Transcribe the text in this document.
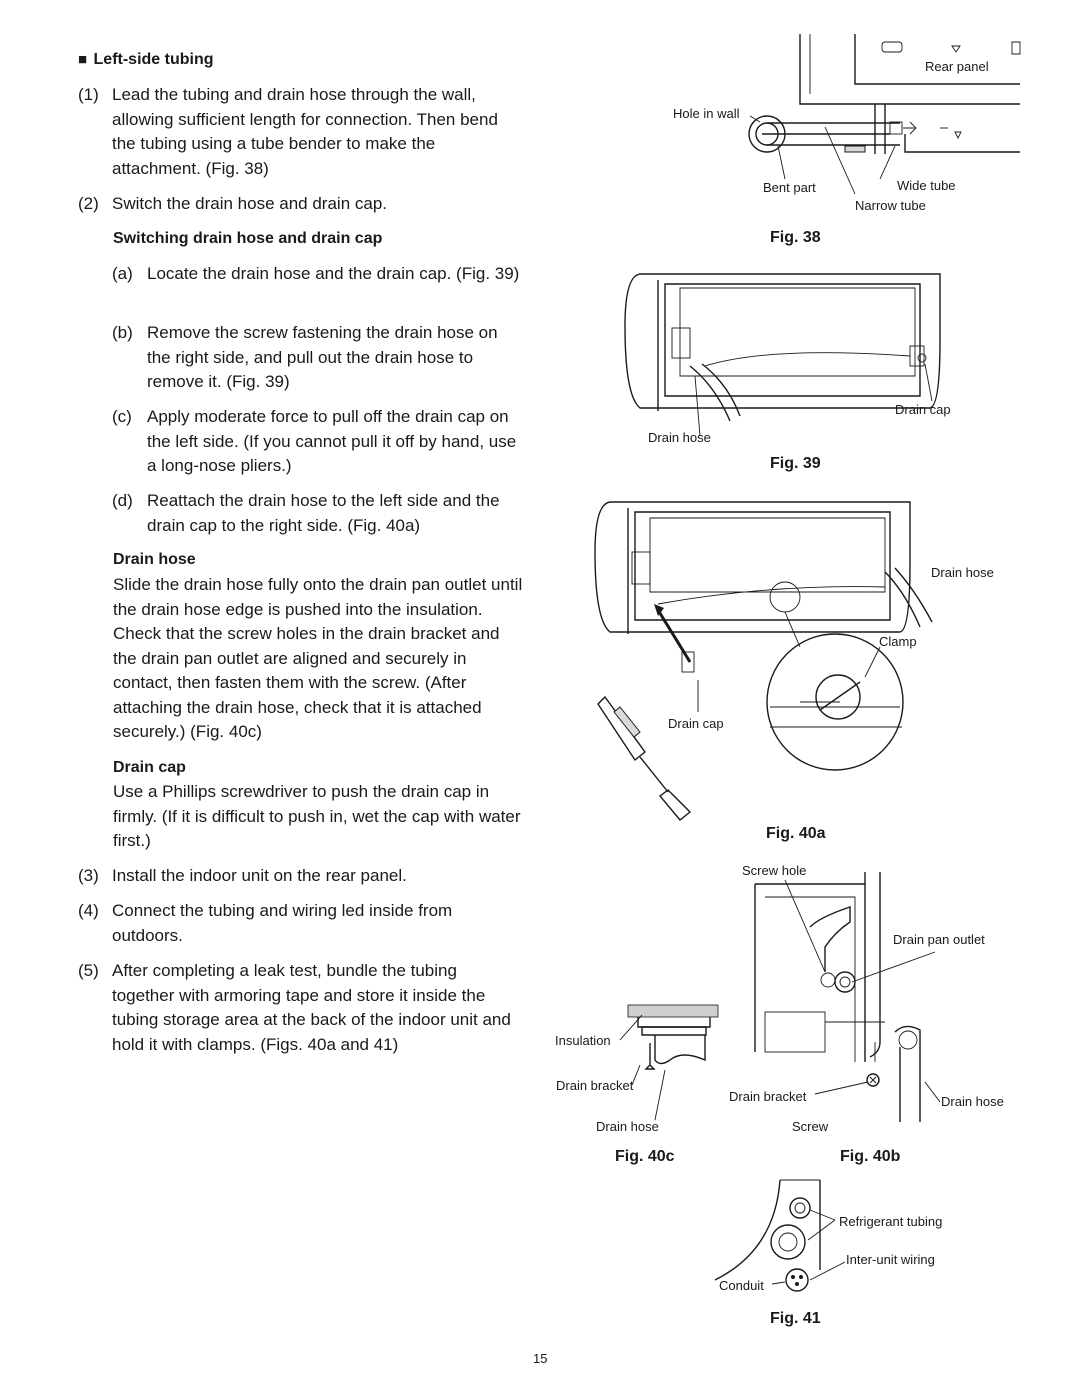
■ Left-side tubing
(1) Lead the tubing and drain hose through the wall, allowing sufficient length for connection. Then bend the tubing using a tube bender to make the attachment. (Fig. 38)
(2) Switch the drain hose and drain cap.
Switching drain hose and drain cap
(a) Locate the drain hose and the drain cap. (Fig. 39)
(b) Remove the screw fastening the drain hose on the right side, and pull out the drain hose to remove it. (Fig. 39)
(c) Apply moderate force to pull off the drain cap on the left side. (If you cannot pull it off by hand, use a long-nose pliers.)
(d) Reattach the drain hose to the left side and the drain cap to the right side. (Fig. 40a)
Drain hose
Slide the drain hose fully onto the drain pan outlet until the drain hose edge is pushed into the insulation. Check that the screw holes in the drain bracket and the drain pan outlet are aligned and securely in contact, then fasten them with the screw. (After attaching the drain hose, check that it is attached securely.) (Fig. 40c)
Drain cap
Use a Phillips screwdriver to push the drain cap in firmly. (If it is difficult to push in, wet the cap with water first.)
(3) Install the indoor unit on the rear panel.
(4) Connect the tubing and wiring led inside from outdoors.
(5) After completing a leak test, bundle the tubing together with armoring tape and store it inside the tubing storage area at the back of the indoor unit and hold it with clamps. (Figs. 40a and 41)
Rear panel
Hole in wall
Bent part	Wide tube
Narrow tube
Fig. 38
Drain cap
Drain hose
Fig. 39
Drain hose
Clamp
Drain cap
Fig. 40a
Screw hole
Drain pan outlet
Drain bracket
Screw
Drain hose
Fig. 40b
Insulation
Drain bracket
Drain hose
Fig. 40c
Refrigerant tubing
Inter-unit wiring
Conduit
Fig. 41
15
